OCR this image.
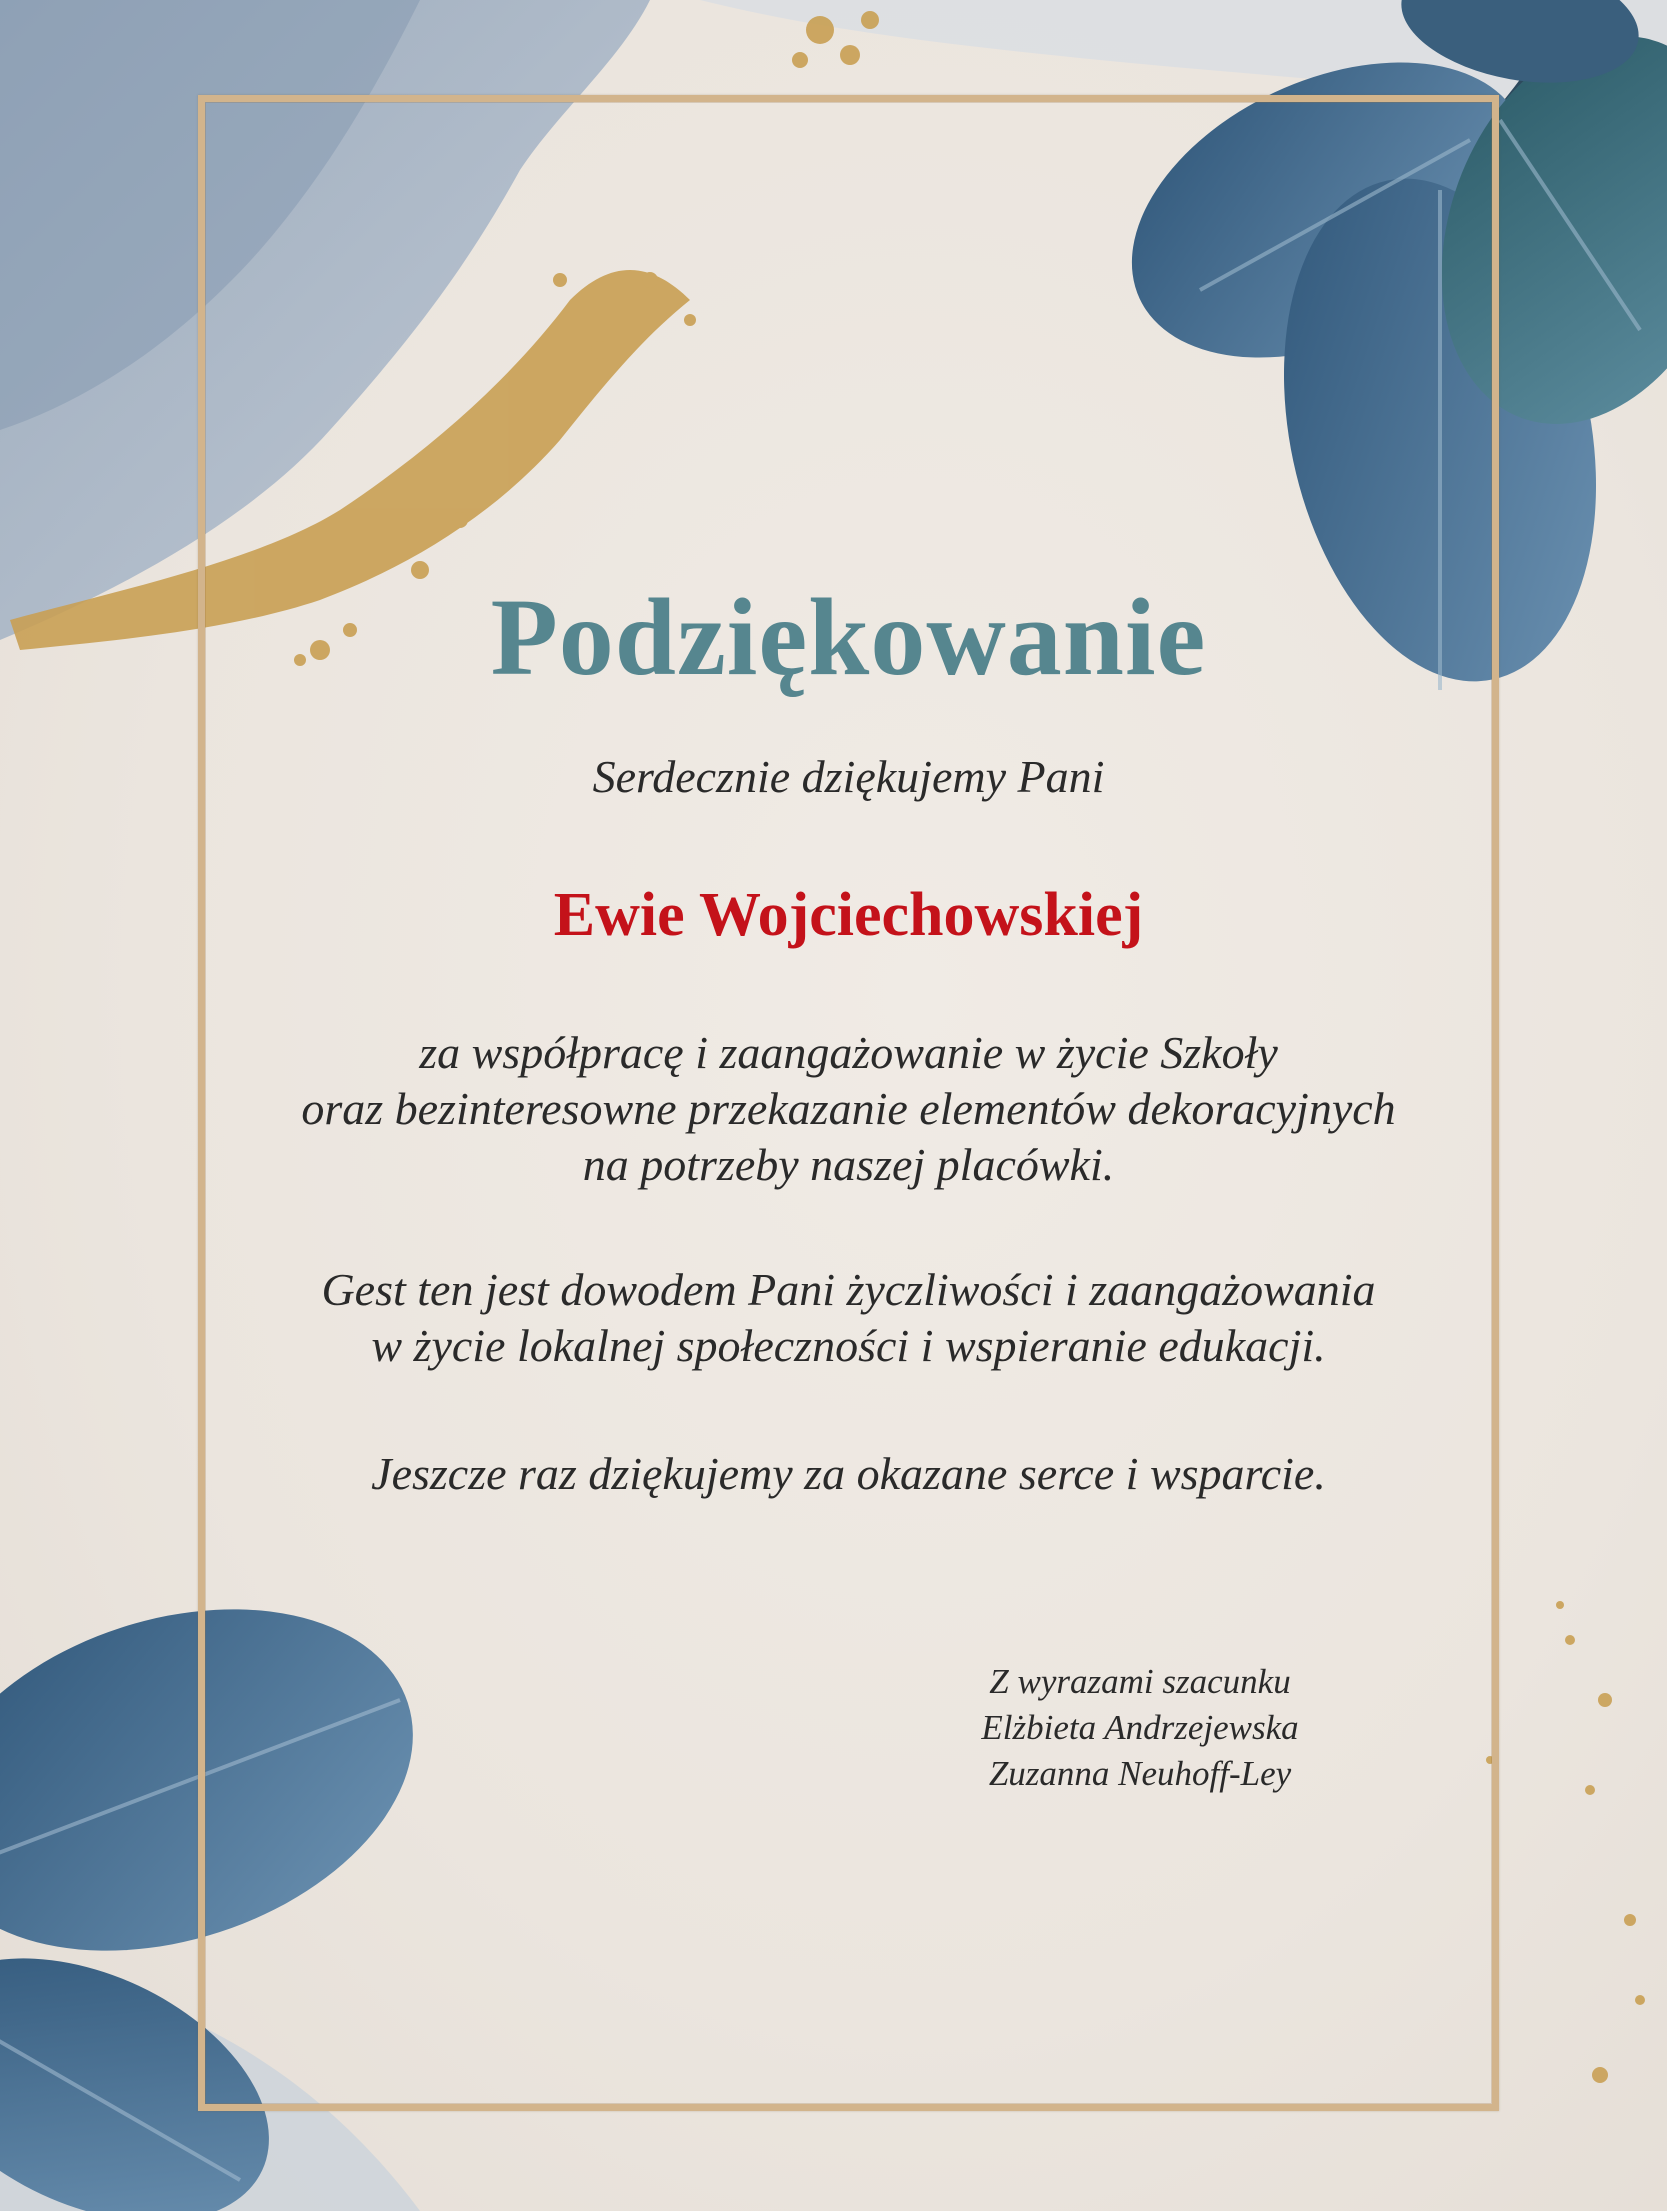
Podziękowanie

Serdecznie dziękujemy Pani

Ewie Wojciechowskiej

za współpracę i zaangażowanie w życie Szkoły
oraz bezinteresowne przekazanie elementów dekoracyjnych
na potrzeby naszej placówki.
Gest ten jest dowodem Pani życzliwości i zaangażowania
w życie lokalnej społeczności i wspieranie edukacji.

Jeszcze raz dziękujemy za okazane serce i wsparcie.

Z wyrazami szacunku
Elżbieta Andrzejewska
Zuzanna Neuhoff-Ley
